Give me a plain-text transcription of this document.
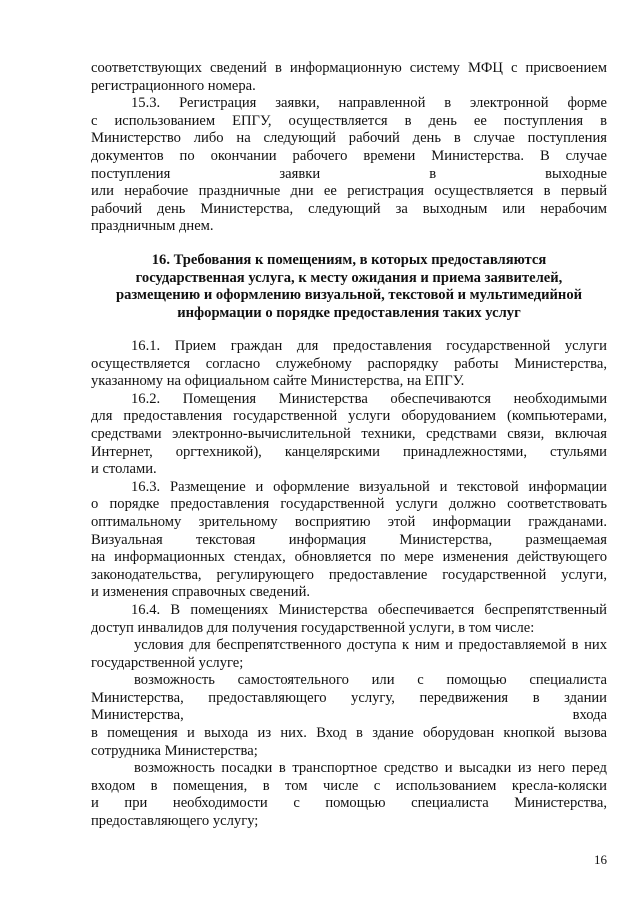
соответствующих сведений в информационную систему МФЦ с присвоением
регистрационного номера.
15.3. Регистрация заявки, направленной в электронной форме
с использованием ЕПГУ, осуществляется в день ее поступления в
Министерство либо на следующий рабочий день в случае поступления
документов по окончании рабочего времени Министерства. В случае
поступления заявки в выходные
или нерабочие праздничные дни ее регистрация осуществляется в первый
рабочий день Министерства, следующий за выходным или нерабочим
праздничным днем.
16. Требования к помещениям, в которых предоставляются
государственная услуга, к месту ожидания и приема заявителей,
размещению и оформлению визуальной, текстовой и мультимедийной
информации о порядке предоставления таких услуг
16.1. Прием граждан для предоставления государственной услуги
осуществляется согласно служебному распорядку работы Министерства,
указанному на официальном сайте Министерства, на ЕПГУ.
16.2. Помещения Министерства обеспечиваются необходимыми
для предоставления государственной услуги оборудованием (компьютерами,
средствами электронно-вычислительной техники, средствами связи, включая
Интернет, оргтехникой), канцелярскими принадлежностями, стульями
и столами.
16.3. Размещение и оформление визуальной и текстовой информации
о порядке предоставления государственной услуги должно соответствовать
оптимальному зрительному восприятию этой информации гражданами.
Визуальная текстовая информация Министерства, размещаемая
на информационных стендах, обновляется по мере изменения действующего
законодательства, регулирующего предоставление государственной услуги,
и изменения справочных сведений.
16.4. В помещениях Министерства обеспечивается беспрепятственный
доступ инвалидов для получения государственной услуги, в том числе:
условия для беспрепятственного доступа к ним и предоставляемой в них
государственной услуге;
возможность самостоятельного или с помощью специалиста
Министерства, предоставляющего услугу, передвижения в здании
Министерства, входа
в помещения и выхода из них. Вход в здание оборудован кнопкой вызова
сотрудника Министерства;
возможность посадки в транспортное средство и высадки из него перед
входом в помещения, в том числе с использованием кресла-коляски
и при необходимости с помощью специалиста Министерства,
предоставляющего услугу;
16
